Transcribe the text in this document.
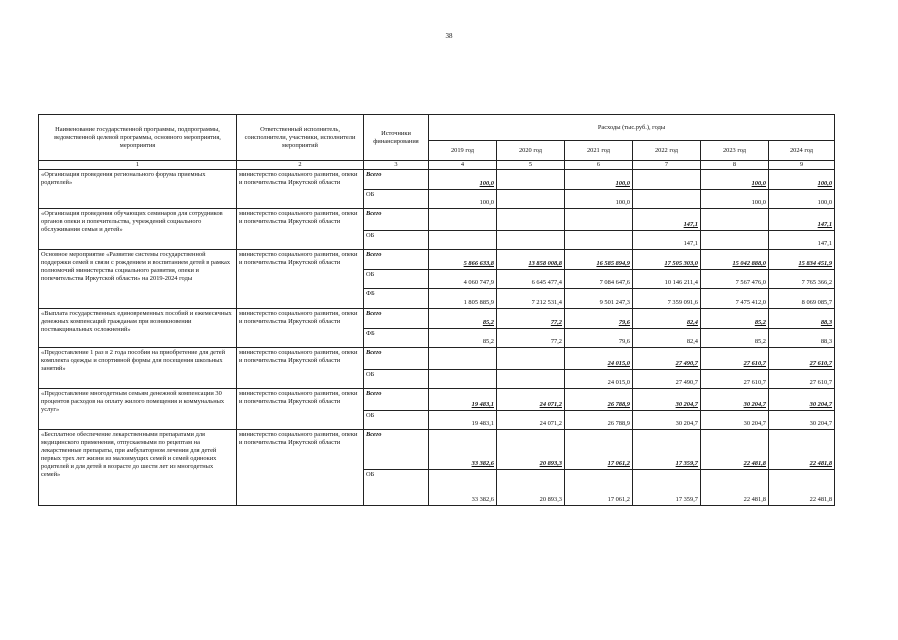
38
Наименование государственной программы, подпрограммы, ведомственной целевой программы, основного мероприятия, мероприятия	Ответственный исполнитель, соисполнители, участники, исполнители мероприятий	Источники финансирования	Расходы (тыс.руб.), годы					
			2019 год	2020 год	2021 год	2022 год	2023 год	2024 год
1	2	3	4	5	6	7	8	9
«Организация проведения регионального форума приемных родителей»	министерство социального развития, опеки и попечительства Иркутской области	Всего	100,0		100,0		100,0	100,0
		ОБ	100,0		100,0		100,0	100,0
«Организация проведения обучающих семинаров для сотрудников органов опеки и попечительства, учреждений социального обслуживания семьи и детей»	министерство социального развития, опеки и попечительства Иркутской области	Всего				147,1		147,1
		ОБ				147,1		147,1
Основное мероприятие «Развитие системы государственной поддержки семей в связи с рождением и воспитанием детей в рамках полномочий министерства социального развития, опеки и попечительства Иркутской области» на 2019-2024 годы	министерство социального развития, опеки и попечительства Иркутской области	Всего	5 866 633,8	13 858 008,8	16 585 894,9	17 505 303,0	15 042 888,0	15 834 451,9
		ОБ	4 060 747,9	6 645 477,4	7 084 647,6	10 146 211,4	7 567 476,0	7 765 366,2
		ФБ	1 805 885,9	7 212 531,4	9 501 247,3	7 359 091,6	7 475 412,0	8 069 085,7
«Выплата государственных единовременных пособий и ежемесячных денежных компенсаций гражданам при возникновении поствакцинальных осложнений»	министерство социального развития, опеки и попечительства Иркутской области	Всего	85,2	77,2	79,6	82,4	85,2	88,3
		ФБ	85,2	77,2	79,6	82,4	85,2	88,3
«Предоставление 1 раз в 2 года пособия на приобретение для детей комплекта одежды и спортивной формы для посещения школьных занятий»	министерство социального развития, опеки и попечительства Иркутской области	Всего			24 015,0	27 490,7	27 610,7	27 610,7
		ОБ			24 015,0	27 490,7	27 610,7	27 610,7
«Предоставление многодетным семьям денежной компенсации 30 процентов расходов на оплату жилого помещения и коммунальных услуг»	министерство социального развития, опеки и попечительства Иркутской области	Всего	19 483,1	24 071,2	26 788,9	30 204,7	30 204,7	30 204,7
		ОБ	19 483,1	24 071,2	26 788,9	30 204,7	30 204,7	30 204,7
«Бесплатное обеспечение лекарственными препаратами для медицинского применения, отпускаемыми по рецептам на лекарственные препараты, при амбулаторном лечении для детей первых трех лет жизни из малоимущих семей и семей одиноких родителей и для детей в возрасте до шести лет из многодетных семей»	министерство социального развития, опеки и попечительства Иркутской области	Всего	33 382,6	20 893,3	17 061,2	17 359,7	22 481,8	22 481,8
		ОБ	33 382,6	20 893,3	17 061,2	17 359,7	22 481,8	22 481,8
